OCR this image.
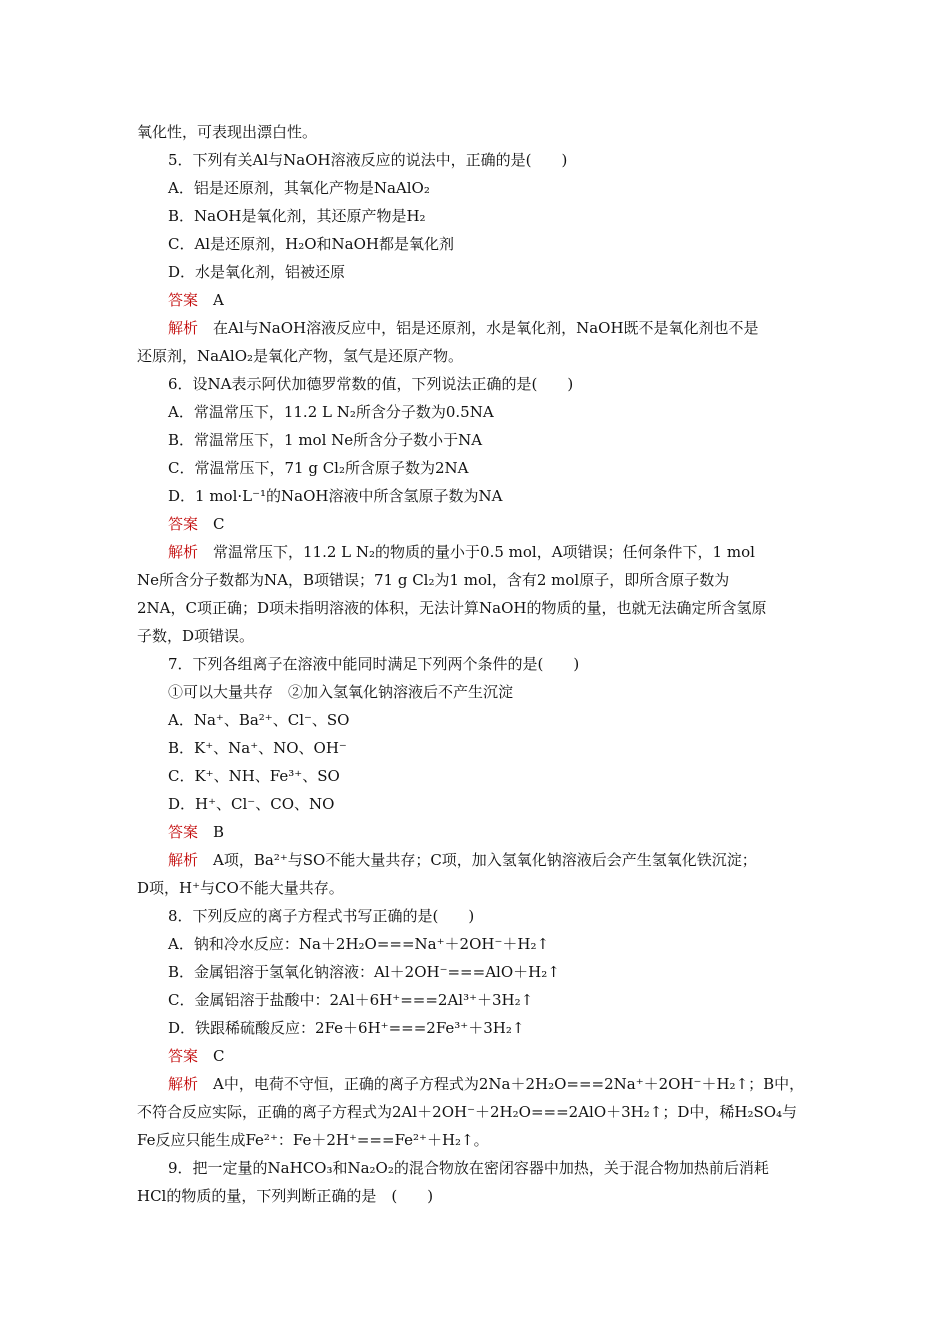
氧化性，可表现出漂白性。
5．下列有关Al与NaOH溶液反应的说法中，正确的是(　　)
A．铝是还原剂，其氧化产物是NaAlO₂
B．NaOH是氧化剂，其还原产物是H₂
C．Al是还原剂，H₂O和NaOH都是氧化剂
D．水是氧化剂，铝被还原
答案　A
解析　在Al与NaOH溶液反应中，铝是还原剂，水是氧化剂，NaOH既不是氧化剂也不是
还原剂，NaAlO₂是氧化产物，氢气是还原产物。
6．设NA表示阿伏加德罗常数的值，下列说法正确的是(　　)
A．常温常压下，11.2 L N₂所含分子数为0.5NA
B．常温常压下，1 mol Ne所含分子数小于NA
C．常温常压下，71 g Cl₂所含原子数为2NA
D．1 mol·L⁻¹的NaOH溶液中所含氢原子数为NA
答案　C
解析　常温常压下，11.2 L N₂的物质的量小于0.5 mol，A项错误；任何条件下，1 mol
Ne所含分子数都为NA，B项错误；71 g Cl₂为1 mol，含有2 mol原子，即所含原子数为
2NA，C项正确；D项未指明溶液的体积，无法计算NaOH的物质的量，也就无法确定所含氢原
子数，D项错误。
7．下列各组离子在溶液中能同时满足下列两个条件的是(　　)
①可以大量共存　②加入氢氧化钠溶液后不产生沉淀
A．Na⁺、Ba²⁺、Cl⁻、SO
B．K⁺、Na⁺、NO、OH⁻
C．K⁺、NH、Fe³⁺、SO
D．H⁺、Cl⁻、CO、NO
答案　B
解析　A项，Ba²⁺与SO不能大量共存；C项，加入氢氧化钠溶液后会产生氢氧化铁沉淀；
D项，H⁺与CO不能大量共存。
8．下列反应的离子方程式书写正确的是(　　)
A．钠和冷水反应：Na＋2H₂O===Na⁺＋2OH⁻＋H₂↑
B．金属铝溶于氢氧化钠溶液：Al＋2OH⁻===AlO＋H₂↑
C．金属铝溶于盐酸中：2Al＋6H⁺===2Al³⁺＋3H₂↑
D．铁跟稀硫酸反应：2Fe＋6H⁺===2Fe³⁺＋3H₂↑
答案　C
解析　A中，电荷不守恒，正确的离子方程式为2Na＋2H₂O===2Na⁺＋2OH⁻＋H₂↑；B中，
不符合反应实际，正确的离子方程式为2Al＋2OH⁻＋2H₂O===2AlO＋3H₂↑；D中，稀H₂SO₄与
Fe反应只能生成Fe²⁺：Fe＋2H⁺===Fe²⁺＋H₂↑。
9．把一定量的NaHCO₃和Na₂O₂的混合物放在密闭容器中加热，关于混合物加热前后消耗
HCl的物质的量，下列判断正确的是　(　　)
